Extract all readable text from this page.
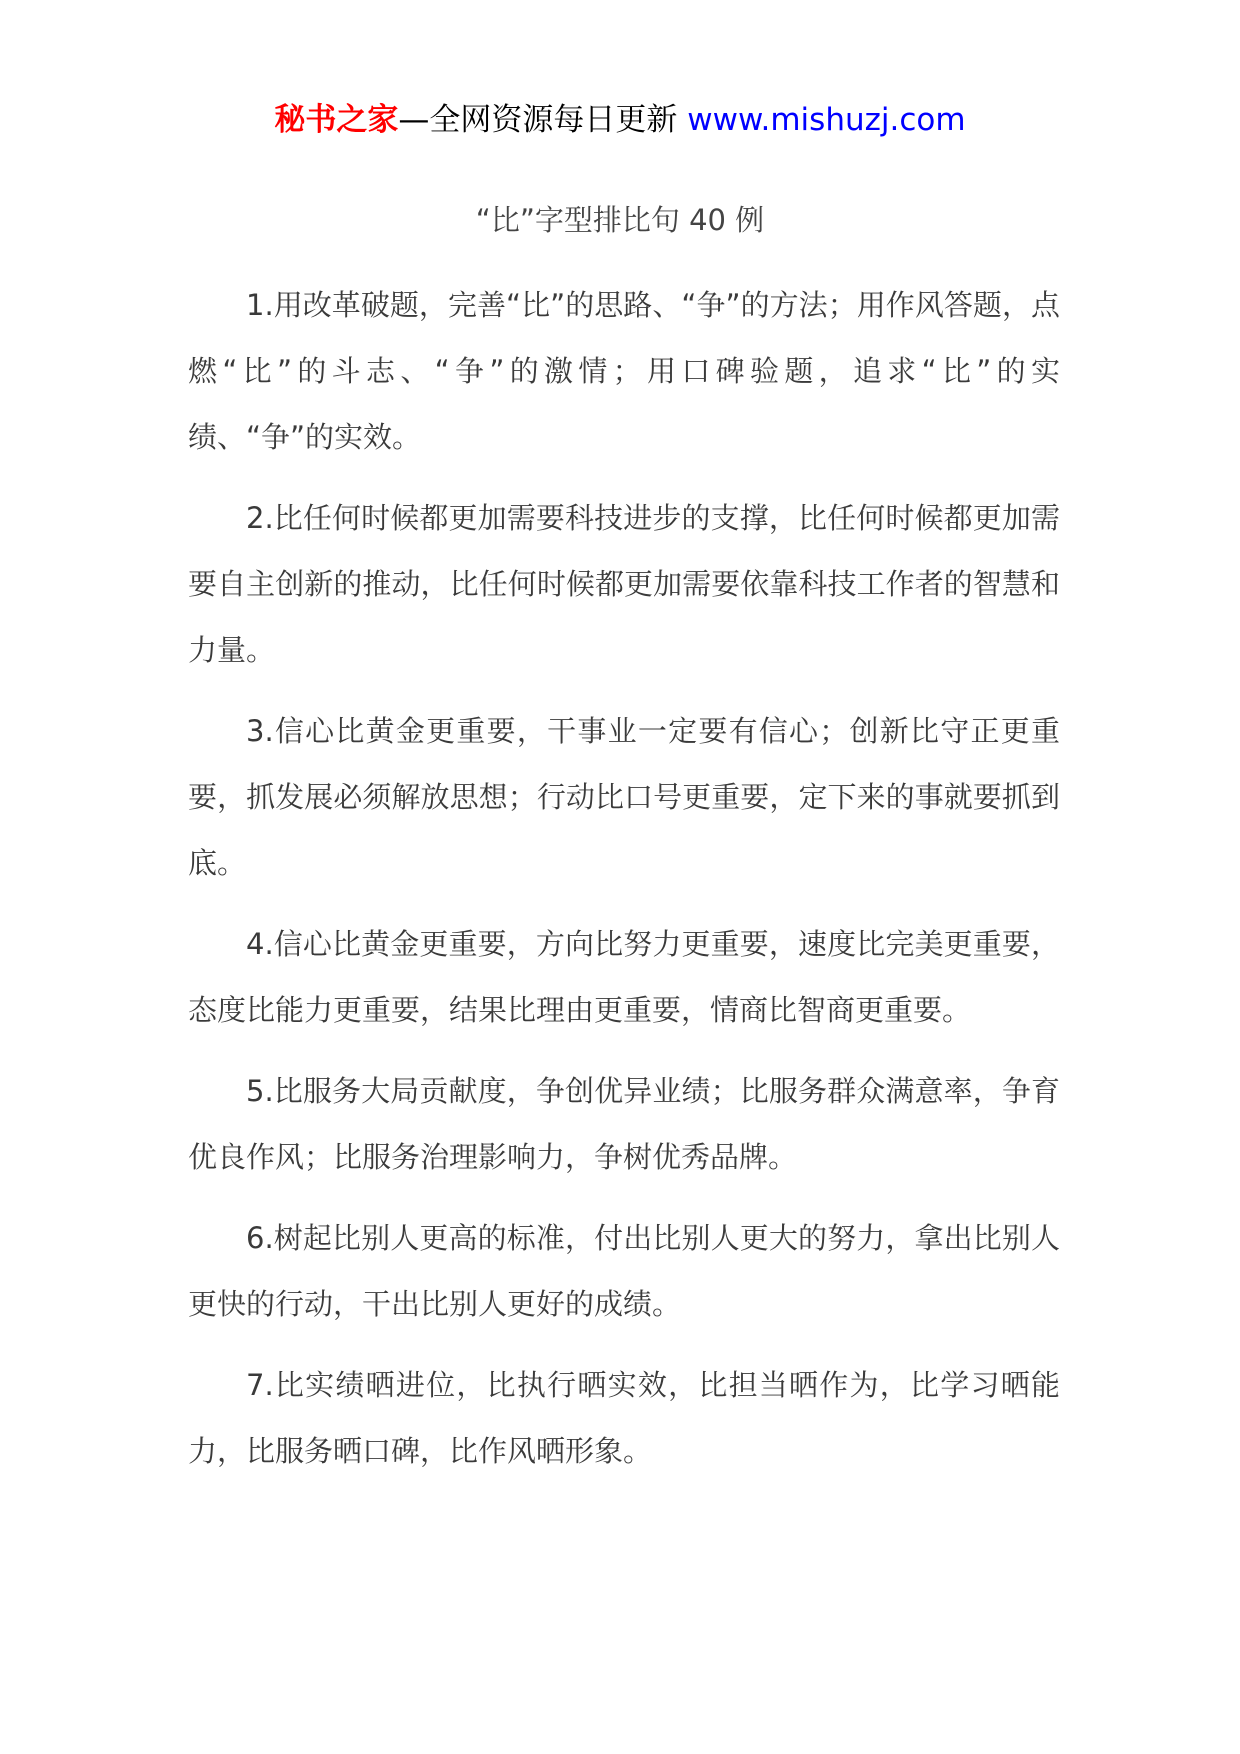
秘书之家—全网资源每日更新 www.mishuzj.com
“比”字型排比句 40 例

1.用改革破题，完善“比”的思路、“争”的方法；用作风答题，点燃“比”的斗志、“争”的激情；用口碑验题，追求“比”的实绩、“争”的实效。

2.比任何时候都更加需要科技进步的支撑，比任何时候都更加需要自主创新的推动，比任何时候都更加需要依靠科技工作者的智慧和力量。

3.信心比黄金更重要，干事业一定要有信心；创新比守正更重要，抓发展必须解放思想；行动比口号更重要，定下来的事就要抓到底。

4.信心比黄金更重要，方向比努力更重要，速度比完美更重要，态度比能力更重要，结果比理由更重要，情商比智商更重要。

5.比服务大局贡献度，争创优异业绩；比服务群众满意率，争育优良作风；比服务治理影响力，争树优秀品牌。

6.树起比别人更高的标准，付出比别人更大的努力，拿出比别人更快的行动，干出比别人更好的成绩。

7.比实绩晒进位，比执行晒实效，比担当晒作为，比学习晒能力，比服务晒口碑，比作风晒形象。
